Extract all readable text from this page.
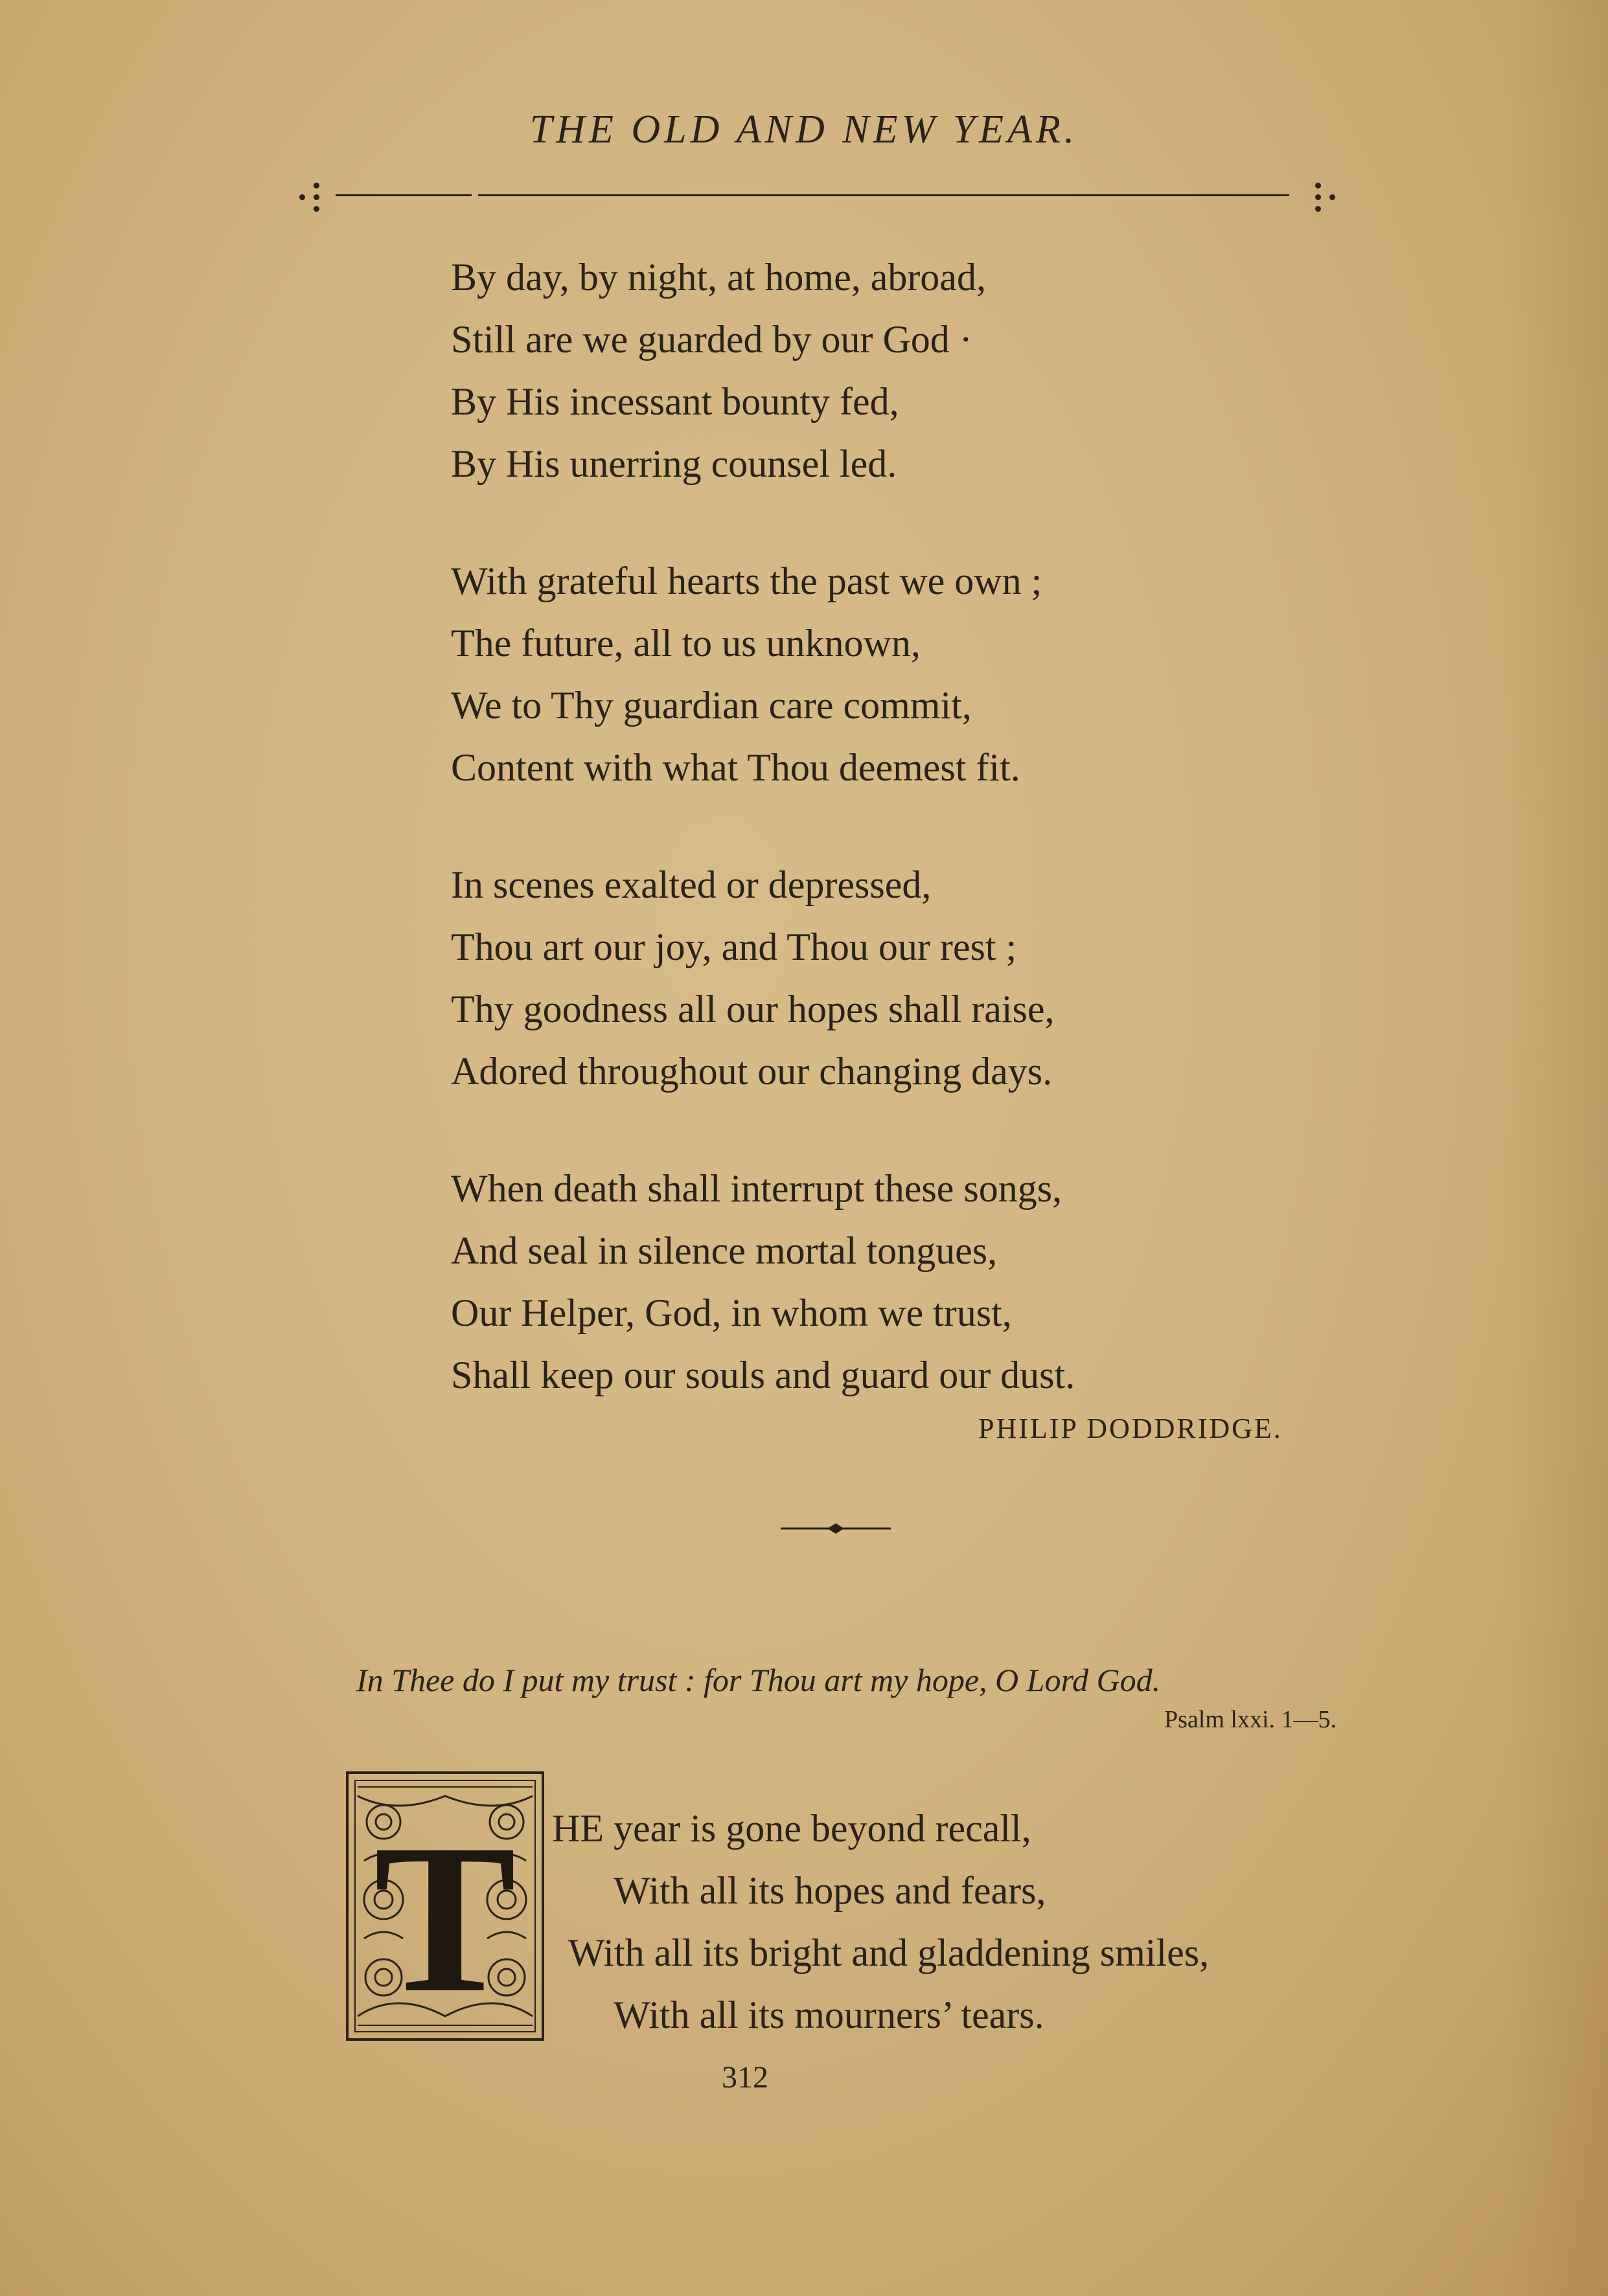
THE OLD AND NEW YEAR.
By day, by night, at home, abroad,
Still are we guarded by our God ·
By His incessant bounty fed,
By His unerring counsel led.
With grateful hearts the past we own ;
The future, all to us unknown,
We to Thy guardian care commit,
Content with what Thou deemest fit.
In scenes exalted or depressed,
Thou art our joy, and Thou our rest ;
Thy goodness all our hopes shall raise,
Adored throughout our changing days.
When death shall interrupt these songs,
And seal in silence mortal tongues,
Our Helper, God, in whom we trust,
Shall keep our souls and guard our dust.
PHILIP DODDRIDGE.
In Thee do I put my trust : for Thou art my hope, O Lord God.
Psalm lxxi. 1—5.
T HE year is gone beyond recall,
With all its hopes and fears,
With all its bright and gladdening smiles,
With all its mourners’ tears.
312
